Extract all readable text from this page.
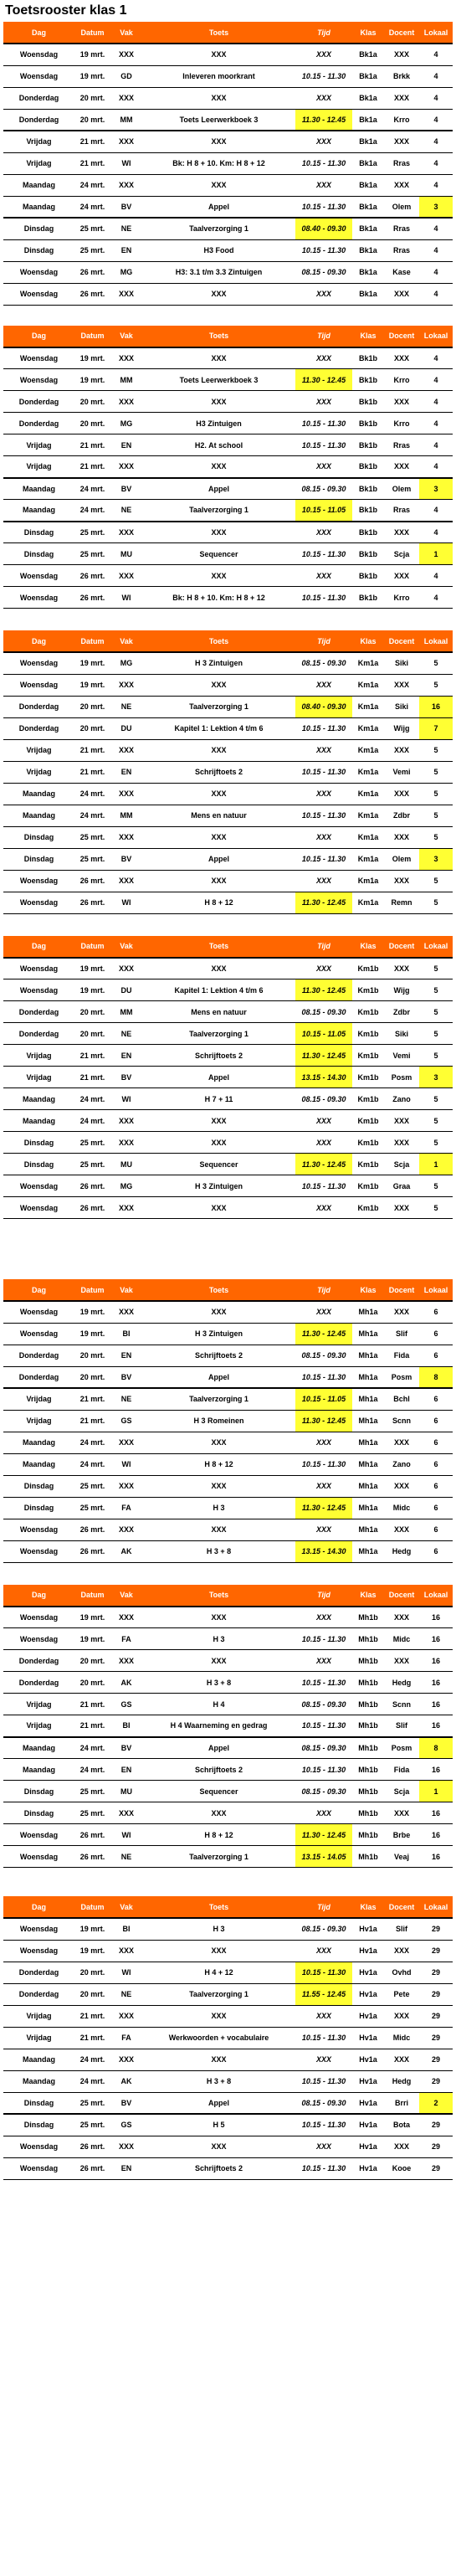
Toetsrooster klas 1
Dag	Datum	Vak	Toets	Tijd	Klas	Docent	Lokaal
Woensdag	19 mrt.	XXX	XXX	XXX	Bk1a	XXX	4
Woensdag	19 mrt.	GD	Inleveren moorkrant	10.15 - 11.30	Bk1a	Brkk	4
Donderdag	20 mrt.	XXX	XXX	XXX	Bk1a	XXX	4
Donderdag	20 mrt.	MM	Toets Leerwerkboek 3	11.30 - 12.45	Bk1a	Krro	4
Vrijdag	21 mrt.	XXX	XXX	XXX	Bk1a	XXX	4
Vrijdag	21 mrt.	WI	Bk: H 8 + 10. Km: H 8 + 12	10.15 - 11.30	Bk1a	Rras	4
Maandag	24 mrt.	XXX	XXX	XXX	Bk1a	XXX	4
Maandag	24 mrt.	BV	Appel	10.15 - 11.30	Bk1a	Olem	3
Dinsdag	25 mrt.	NE	Taalverzorging 1	08.40 - 09.30	Bk1a	Rras	4
Dinsdag	25 mrt.	EN	H3 Food	10.15 - 11.30	Bk1a	Rras	4
Woensdag	26 mrt.	MG	H3: 3.1 t/m 3.3 Zintuigen	08.15 - 09.30	Bk1a	Kase	4
Woensdag	26 mrt.	XXX	XXX	XXX	Bk1a	XXX	4
Dag	Datum	Vak	Toets	Tijd	Klas	Docent	Lokaal
Woensdag	19 mrt.	XXX	XXX	XXX	Bk1b	XXX	4
Woensdag	19 mrt.	MM	Toets Leerwerkboek 3	11.30 - 12.45	Bk1b	Krro	4
Donderdag	20 mrt.	XXX	XXX	XXX	Bk1b	XXX	4
Donderdag	20 mrt.	MG	H3 Zintuigen	10.15 - 11.30	Bk1b	Krro	4
Vrijdag	21 mrt.	EN	H2. At school	10.15 - 11.30	Bk1b	Rras	4
Vrijdag	21 mrt.	XXX	XXX	XXX	Bk1b	XXX	4
Maandag	24 mrt.	BV	Appel	08.15 - 09.30	Bk1b	Olem	3
Maandag	24 mrt.	NE	Taalverzorging 1	10.15 - 11.05	Bk1b	Rras	4
Dinsdag	25 mrt.	XXX	XXX	XXX	Bk1b	XXX	4
Dinsdag	25 mrt.	MU	Sequencer	10.15 - 11.30	Bk1b	Scja	1
Woensdag	26 mrt.	XXX	XXX	XXX	Bk1b	XXX	4
Woensdag	26 mrt.	WI	Bk: H 8 + 10. Km: H 8 + 12	10.15 - 11.30	Bk1b	Krro	4
Dag	Datum	Vak	Toets	Tijd	Klas	Docent	Lokaal
Woensdag	19 mrt.	MG	H 3 Zintuigen	08.15 - 09.30	Km1a	Siki	5
Woensdag	19 mrt.	XXX	XXX	XXX	Km1a	XXX	5
Donderdag	20 mrt.	NE	Taalverzorging 1	08.40 - 09.30	Km1a	Siki	16
Donderdag	20 mrt.	DU	Kapitel 1: Lektion 4 t/m 6	10.15 - 11.30	Km1a	Wijg	7
Vrijdag	21 mrt.	XXX	XXX	XXX	Km1a	XXX	5
Vrijdag	21 mrt.	EN	Schrijftoets 2	10.15 - 11.30	Km1a	Vemi	5
Maandag	24 mrt.	XXX	XXX	XXX	Km1a	XXX	5
Maandag	24 mrt.	MM	Mens en natuur	10.15 - 11.30	Km1a	Zdbr	5
Dinsdag	25 mrt.	XXX	XXX	XXX	Km1a	XXX	5
Dinsdag	25 mrt.	BV	Appel	10.15 - 11.30	Km1a	Olem	3
Woensdag	26 mrt.	XXX	XXX	XXX	Km1a	XXX	5
Woensdag	26 mrt.	WI	H 8 + 12	11.30 - 12.45	Km1a	Remn	5
Dag	Datum	Vak	Toets	Tijd	Klas	Docent	Lokaal
Woensdag	19 mrt.	XXX	XXX	XXX	Km1b	XXX	5
Woensdag	19 mrt.	DU	Kapitel 1: Lektion 4 t/m 6	11.30 - 12.45	Km1b	Wijg	5
Donderdag	20 mrt.	MM	Mens en natuur	08.15 - 09.30	Km1b	Zdbr	5
Donderdag	20 mrt.	NE	Taalverzorging 1	10.15 - 11.05	Km1b	Siki	5
Vrijdag	21 mrt.	EN	Schrijftoets 2	11.30 - 12.45	Km1b	Vemi	5
Vrijdag	21 mrt.	BV	Appel	13.15 - 14.30	Km1b	Posm	3
Maandag	24 mrt.	WI	H 7 + 11	08.15 - 09.30	Km1b	Zano	5
Maandag	24 mrt.	XXX	XXX	XXX	Km1b	XXX	5
Dinsdag	25 mrt.	XXX	XXX	XXX	Km1b	XXX	5
Dinsdag	25 mrt.	MU	Sequencer	11.30 - 12.45	Km1b	Scja	1
Woensdag	26 mrt.	MG	H 3 Zintuigen	10.15 - 11.30	Km1b	Graa	5
Woensdag	26 mrt.	XXX	XXX	XXX	Km1b	XXX	5
Dag	Datum	Vak	Toets	Tijd	Klas	Docent	Lokaal
Woensdag	19 mrt.	XXX	XXX	XXX	Mh1a	XXX	6
Woensdag	19 mrt.	BI	H 3 Zintuigen	11.30 - 12.45	Mh1a	Slif	6
Donderdag	20 mrt.	EN	Schrijftoets 2	08.15 - 09.30	Mh1a	Fida	6
Donderdag	20 mrt.	BV	Appel	10.15 - 11.30	Mh1a	Posm	8
Vrijdag	21 mrt.	NE	Taalverzorging 1	10.15 - 11.05	Mh1a	Bchl	6
Vrijdag	21 mrt.	GS	H 3 Romeinen	11.30 - 12.45	Mh1a	Scnn	6
Maandag	24 mrt.	XXX	XXX	XXX	Mh1a	XXX	6
Maandag	24 mrt.	WI	H 8 + 12	10.15 - 11.30	Mh1a	Zano	6
Dinsdag	25 mrt.	XXX	XXX	XXX	Mh1a	XXX	6
Dinsdag	25 mrt.	FA	H 3	11.30 - 12.45	Mh1a	Midc	6
Woensdag	26 mrt.	XXX	XXX	XXX	Mh1a	XXX	6
Woensdag	26 mrt.	AK	H 3 + 8	13.15 - 14.30	Mh1a	Hedg	6
Dag	Datum	Vak	Toets	Tijd	Klas	Docent	Lokaal
Woensdag	19 mrt.	XXX	XXX	XXX	Mh1b	XXX	16
Woensdag	19 mrt.	FA	H 3	10.15 - 11.30	Mh1b	Midc	16
Donderdag	20 mrt.	XXX	XXX	XXX	Mh1b	XXX	16
Donderdag	20 mrt.	AK	H 3 + 8	10.15 - 11.30	Mh1b	Hedg	16
Vrijdag	21 mrt.	GS	H 4	08.15 - 09.30	Mh1b	Scnn	16
Vrijdag	21 mrt.	BI	H 4 Waarneming en gedrag	10.15 - 11.30	Mh1b	Slif	16
Maandag	24 mrt.	BV	Appel	08.15 - 09.30	Mh1b	Posm	8
Maandag	24 mrt.	EN	Schrijftoets 2	10.15 - 11.30	Mh1b	Fida	16
Dinsdag	25 mrt.	MU	Sequencer	08.15 - 09.30	Mh1b	Scja	1
Dinsdag	25 mrt.	XXX	XXX	XXX	Mh1b	XXX	16
Woensdag	26 mrt.	WI	H 8 + 12	11.30 - 12.45	Mh1b	Brbe	16
Woensdag	26 mrt.	NE	Taalverzorging 1	13.15 - 14.05	Mh1b	Veaj	16
Dag	Datum	Vak	Toets	Tijd	Klas	Docent	Lokaal
Woensdag	19 mrt.	BI	H 3	08.15 - 09.30	Hv1a	Slif	29
Woensdag	19 mrt.	XXX	XXX	XXX	Hv1a	XXX	29
Donderdag	20 mrt.	WI	H 4 + 12	10.15 - 11.30	Hv1a	Ovhd	29
Donderdag	20 mrt.	NE	Taalverzorging 1	11.55 - 12.45	Hv1a	Pete	29
Vrijdag	21 mrt.	XXX	XXX	XXX	Hv1a	XXX	29
Vrijdag	21 mrt.	FA	Werkwoorden + vocabulaire	10.15 - 11.30	Hv1a	Midc	29
Maandag	24 mrt.	XXX	XXX	XXX	Hv1a	XXX	29
Maandag	24 mrt.	AK	H 3 + 8	10.15 - 11.30	Hv1a	Hedg	29
Dinsdag	25 mrt.	BV	Appel	08.15 - 09.30	Hv1a	Brri	2
Dinsdag	25 mrt.	GS	H 5	10.15 - 11.30	Hv1a	Bota	29
Woensdag	26 mrt.	XXX	XXX	XXX	Hv1a	XXX	29
Woensdag	26 mrt.	EN	Schrijftoets 2	10.15 - 11.30	Hv1a	Kooe	29
